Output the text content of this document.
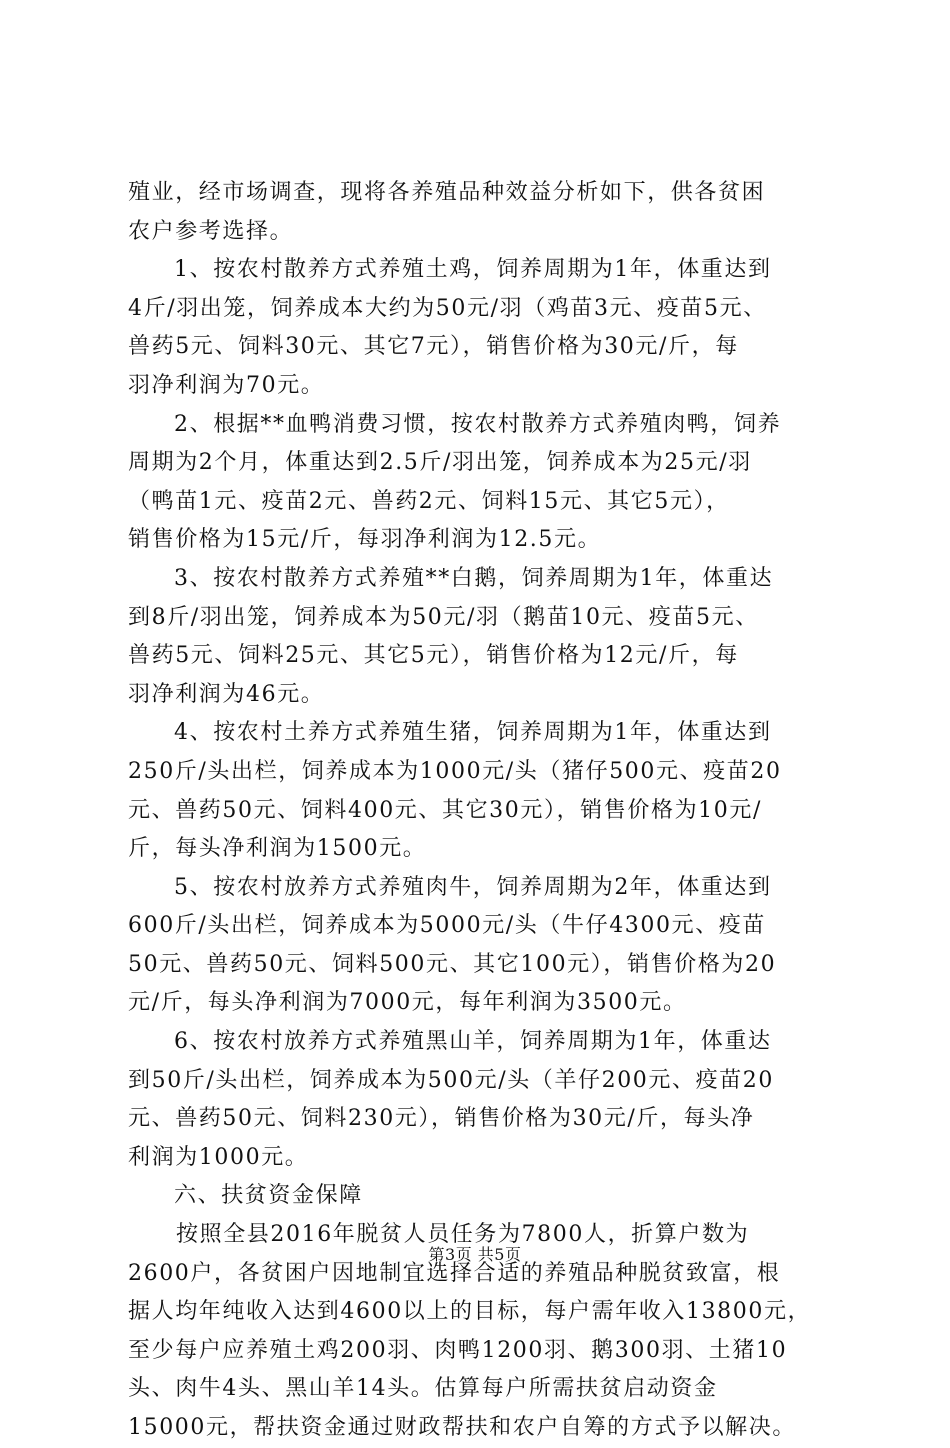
殖业，经市场调查，现将各养殖品种效益分析如下，供各贫困
农户参考选择。
1、按农村散养方式养殖土鸡，饲养周期为1年，体重达到
4斤/羽出笼，饲养成本大约为50元/羽（鸡苗3元、疫苗5元、
兽药5元、饲料30元、其它7元），销售价格为30元/斤，每
羽净利润为70元。
2、根据**血鸭消费习惯，按农村散养方式养殖肉鸭，饲养
周期为2个月，体重达到2.5斤/羽出笼，饲养成本为25元/羽
（鸭苗1元、疫苗2元、兽药2元、饲料15元、其它5元），
销售价格为15元/斤，每羽净利润为12.5元。
3、按农村散养方式养殖**白鹅，饲养周期为1年，体重达
到8斤/羽出笼，饲养成本为50元/羽（鹅苗10元、疫苗5元、
兽药5元、饲料25元、其它5元），销售价格为12元/斤，每
羽净利润为46元。
4、按农村土养方式养殖生猪，饲养周期为1年，体重达到
250斤/头出栏，饲养成本为1000元/头（猪仔500元、疫苗20
元、兽药50元、饲料400元、其它30元），销售价格为10元/
斤，每头净利润为1500元。
5、按农村放养方式养殖肉牛，饲养周期为2年，体重达到
600斤/头出栏，饲养成本为5000元/头（牛仔4300元、疫苗
50元、兽药50元、饲料500元、其它100元），销售价格为20
元/斤，每头净利润为7000元，每年利润为3500元。
6、按农村放养方式养殖黑山羊，饲养周期为1年，体重达
到50斤/头出栏，饲养成本为500元/头（羊仔200元、疫苗20
元、兽药50元、饲料230元），销售价格为30元/斤，每头净
利润为1000元。
六、扶贫资金保障
按照全县2016年脱贫人员任务为7800人，折算户数为
2600户，各贫困户因地制宜选择合适的养殖品种脱贫致富，根
据人均年纯收入达到4600以上的目标，每户需年收入13800元，
至少每户应养殖土鸡200羽、肉鸭1200羽、鹅300羽、土猪10
头、肉牛4头、黑山羊14头。估算每户所需扶贫启动资金
15000元，帮扶资金通过财政帮扶和农户自筹的方式予以解决。
第3页 共5页
